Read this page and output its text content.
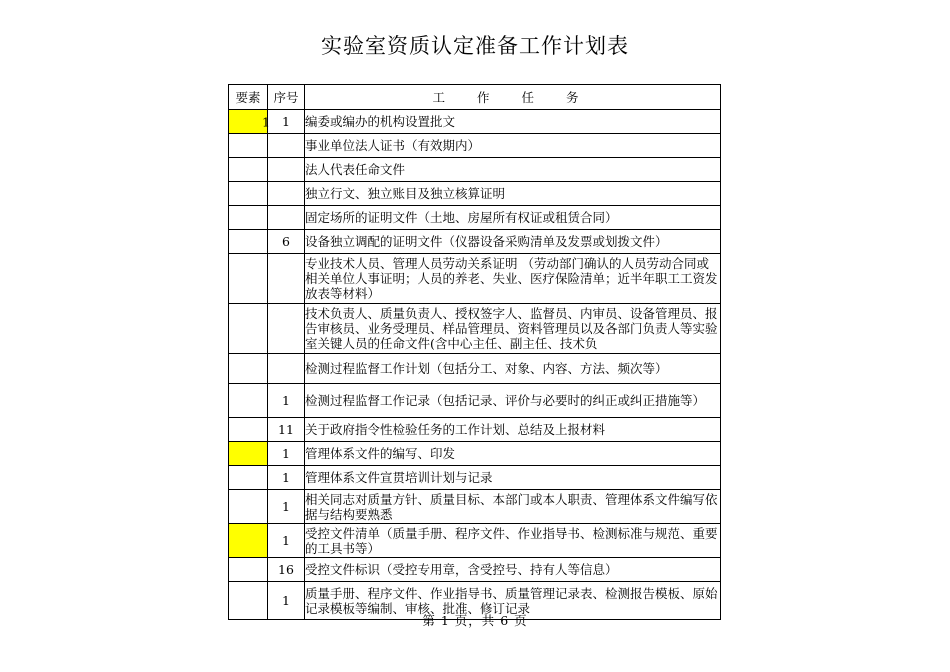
实验室资质认定准备工作计划表
要素	序号	工 作 任 务

1	1	编委或编办的机构设置批文

		事业单位法人证书（有效期内）

		法人代表任命文件

		独立行文、独立账目及独立核算证明

		固定场所的证明文件（土地、房屋所有权证或租赁合同）

	6	设备独立调配的证明文件（仪器设备采购清单及发票或划拨文件）

		专业技术人员、管理人员劳动关系证明 （劳动部门确认的人员劳动合同或相关单位人事证明；人员的养老、失业、医疗保险清单；近半年职工工资发放表等材料）

		技术负责人、质量负责人、授权签字人、监督员、内审员、设备管理员、报告审核员、业务受理员、样品管理员、资料管理员以及各部门负责人等实验室关键人员的任命文件(含中心主任、副主任、技术负

		检测过程监督工作计划（包括分工、对象、内容、方法、频次等）

	1	检测过程监督工作记录（包括记录、评价与必要时的纠正或纠正措施等）

	11	关于政府指令性检验任务的工作计划、总结及上报材料

	1	管理体系文件的编写、印发

	1	管理体系文件宣贯培训计划与记录

	1	相关同志对质量方针、质量目标、本部门或本人职责、管理体系文件编写依据与结构要熟悉

	1	受控文件清单（质量手册、程序文件、作业指导书、检测标准与规范、重要的工具书等）

	16	受控文件标识（受控专用章，含受控号、持有人等信息）

	1	质量手册、程序文件、作业指导书、质量管理记录表、检测报告模板、原始记录模板等编制、审核、批准、修订记录
第 1 页，共 6 页
